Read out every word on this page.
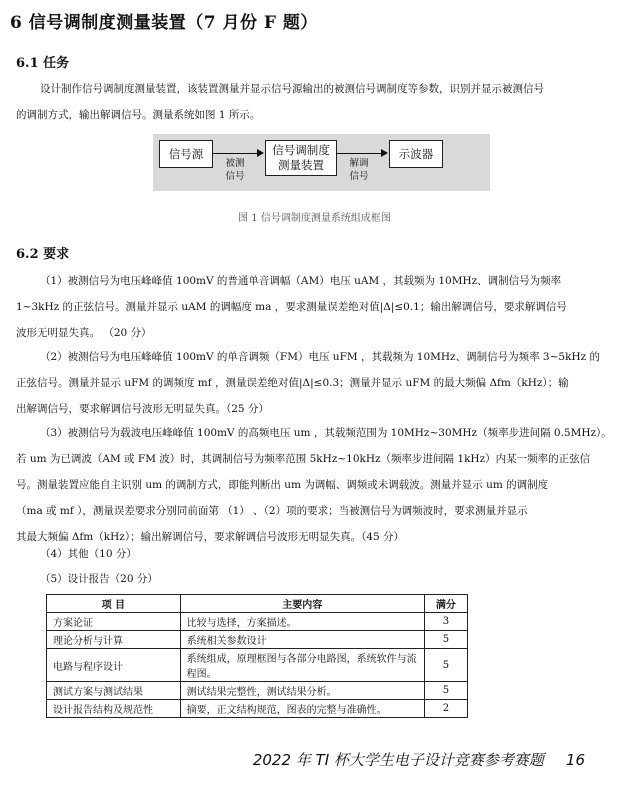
6 信号调制度测量装置（7 月份 F 题）
6.1 任务
设计制作信号调制度测量装置，该装置测量并显示信号源输出的被测信号调制度等参数，识别并显示被测信号
的调制方式，输出解调信号。测量系统如图 1 所示。
信号源
被测
信号
信号调制度
测量装置	解调
信号
示波器
图 1 信号调制度测量系统组成框图
6.2 要求
（1）被测信号为电压峰峰值 100mV 的普通单音调幅（AM）电压 uAM ，其载频为 10MHz、调制信号为频率
1~3kHz 的正弦信号。测量并显示 uAM 的调幅度 ma ，要求测量误差绝对值|Δ|≤0.1；输出解调信号，要求解调信号
波形无明显失真。 （20 分）
（2）被测信号为电压峰峰值 100mV 的单音调频（FM）电压 uFM ，其载频为 10MHz、调制信号为频率 3~5kHz 的
正弦信号。测量并显示 uFM 的调频度 mf ，测量误差绝对值|Δ|≤0.3；测量并显示 uFM 的最大频偏 Δfm（kHz）；输
出解调信号，要求解调信号波形无明显失真。（25 分）
（3）被测信号为载波电压峰峰值 100mV 的高频电压 um ，其载频范围为 10MHz~30MHz（频率步进间隔 0.5MHz）。
若 um 为已调波（AM 或 FM 波）时，其调制信号为频率范围 5kHz~10kHz（频率步进间隔 1kHz）内某一频率的正弦信
号。测量装置应能自主识别 um 的调制方式，即能判断出 um 为调幅、调频或未调载波。测量并显示 um 的调制度
（ma 或 mf ），测量误差要求分别同前面第 （1） 、（2）项的要求；当被测信号为调频波时，要求测量并显示
其最大频偏 Δfm（kHz）；输出解调信号，要求解调信号波形无明显失真。（45 分）
（4）其他（10 分）
（5）设计报告（20 分）
项 目	主要内容	满分
方案论证	比较与选择，方案描述。	3
理论分析与计算	系统相关参数设计	5
电路与程序设计	系统组成，原理框图与各部分电路图，系统软件与流程图。	5
测试方案与测试结果	测试结果完整性，测试结果分析。	5
设计报告结构及规范性	摘要，正文结构规范，图表的完整与准确性。	2
2022 年 TI 杯大学生电子设计竞赛参考赛题 16
